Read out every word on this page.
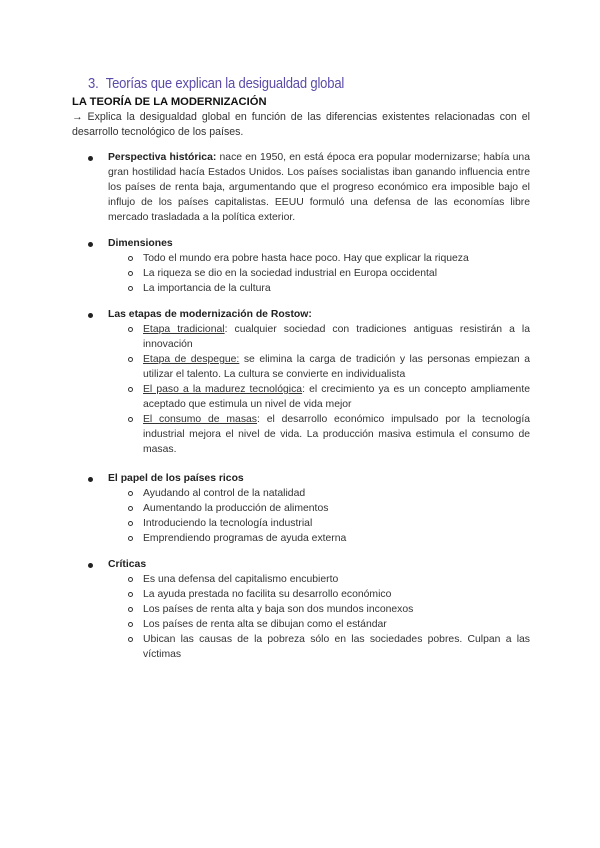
3. Teorías que explican la desigualdad global
LA TEORÍA DE LA MODERNIZACIÓN
→ Explica la desigualdad global en función de las diferencias existentes relacionadas con el desarrollo tecnológico de los países.
Perspectiva histórica: nace en 1950, en está época era popular modernizarse; había una gran hostilidad hacía Estados Unidos. Los países socialistas iban ganando influencia entre los países de renta baja, argumentando que el progreso económico era imposible bajo el influjo de los países capitalistas. EEUU formuló una defensa de las economías libre mercado trasladada a la política exterior.
Dimensiones
Todo el mundo era pobre hasta hace poco. Hay que explicar la riqueza
La riqueza se dio en la sociedad industrial en Europa occidental
La importancia de la cultura
Las etapas de modernización de Rostow:
Etapa tradicional: cualquier sociedad con tradiciones antiguas resistirán a la innovación
Etapa de despegue: se elimina la carga de tradición y las personas empiezan a utilizar el talento. La cultura se convierte en individualista
El paso a la madurez tecnológica: el crecimiento ya es un concepto ampliamente aceptado que estimula un nivel de vida mejor
El consumo de masas: el desarrollo económico impulsado por la tecnología industrial mejora el nivel de vida. La producción masiva estimula el consumo de masas.
El papel de los países ricos
Ayudando al control de la natalidad
Aumentando la producción de alimentos
Introduciendo la tecnología industrial
Emprendiendo programas de ayuda externa
Críticas
Es una defensa del capitalismo encubierto
La ayuda prestada no facilita su desarrollo económico
Los países de renta alta y baja son dos mundos inconexos
Los países de renta alta se dibujan como el estándar
Ubican las causas de la pobreza sólo en las sociedades pobres. Culpan a las víctimas
